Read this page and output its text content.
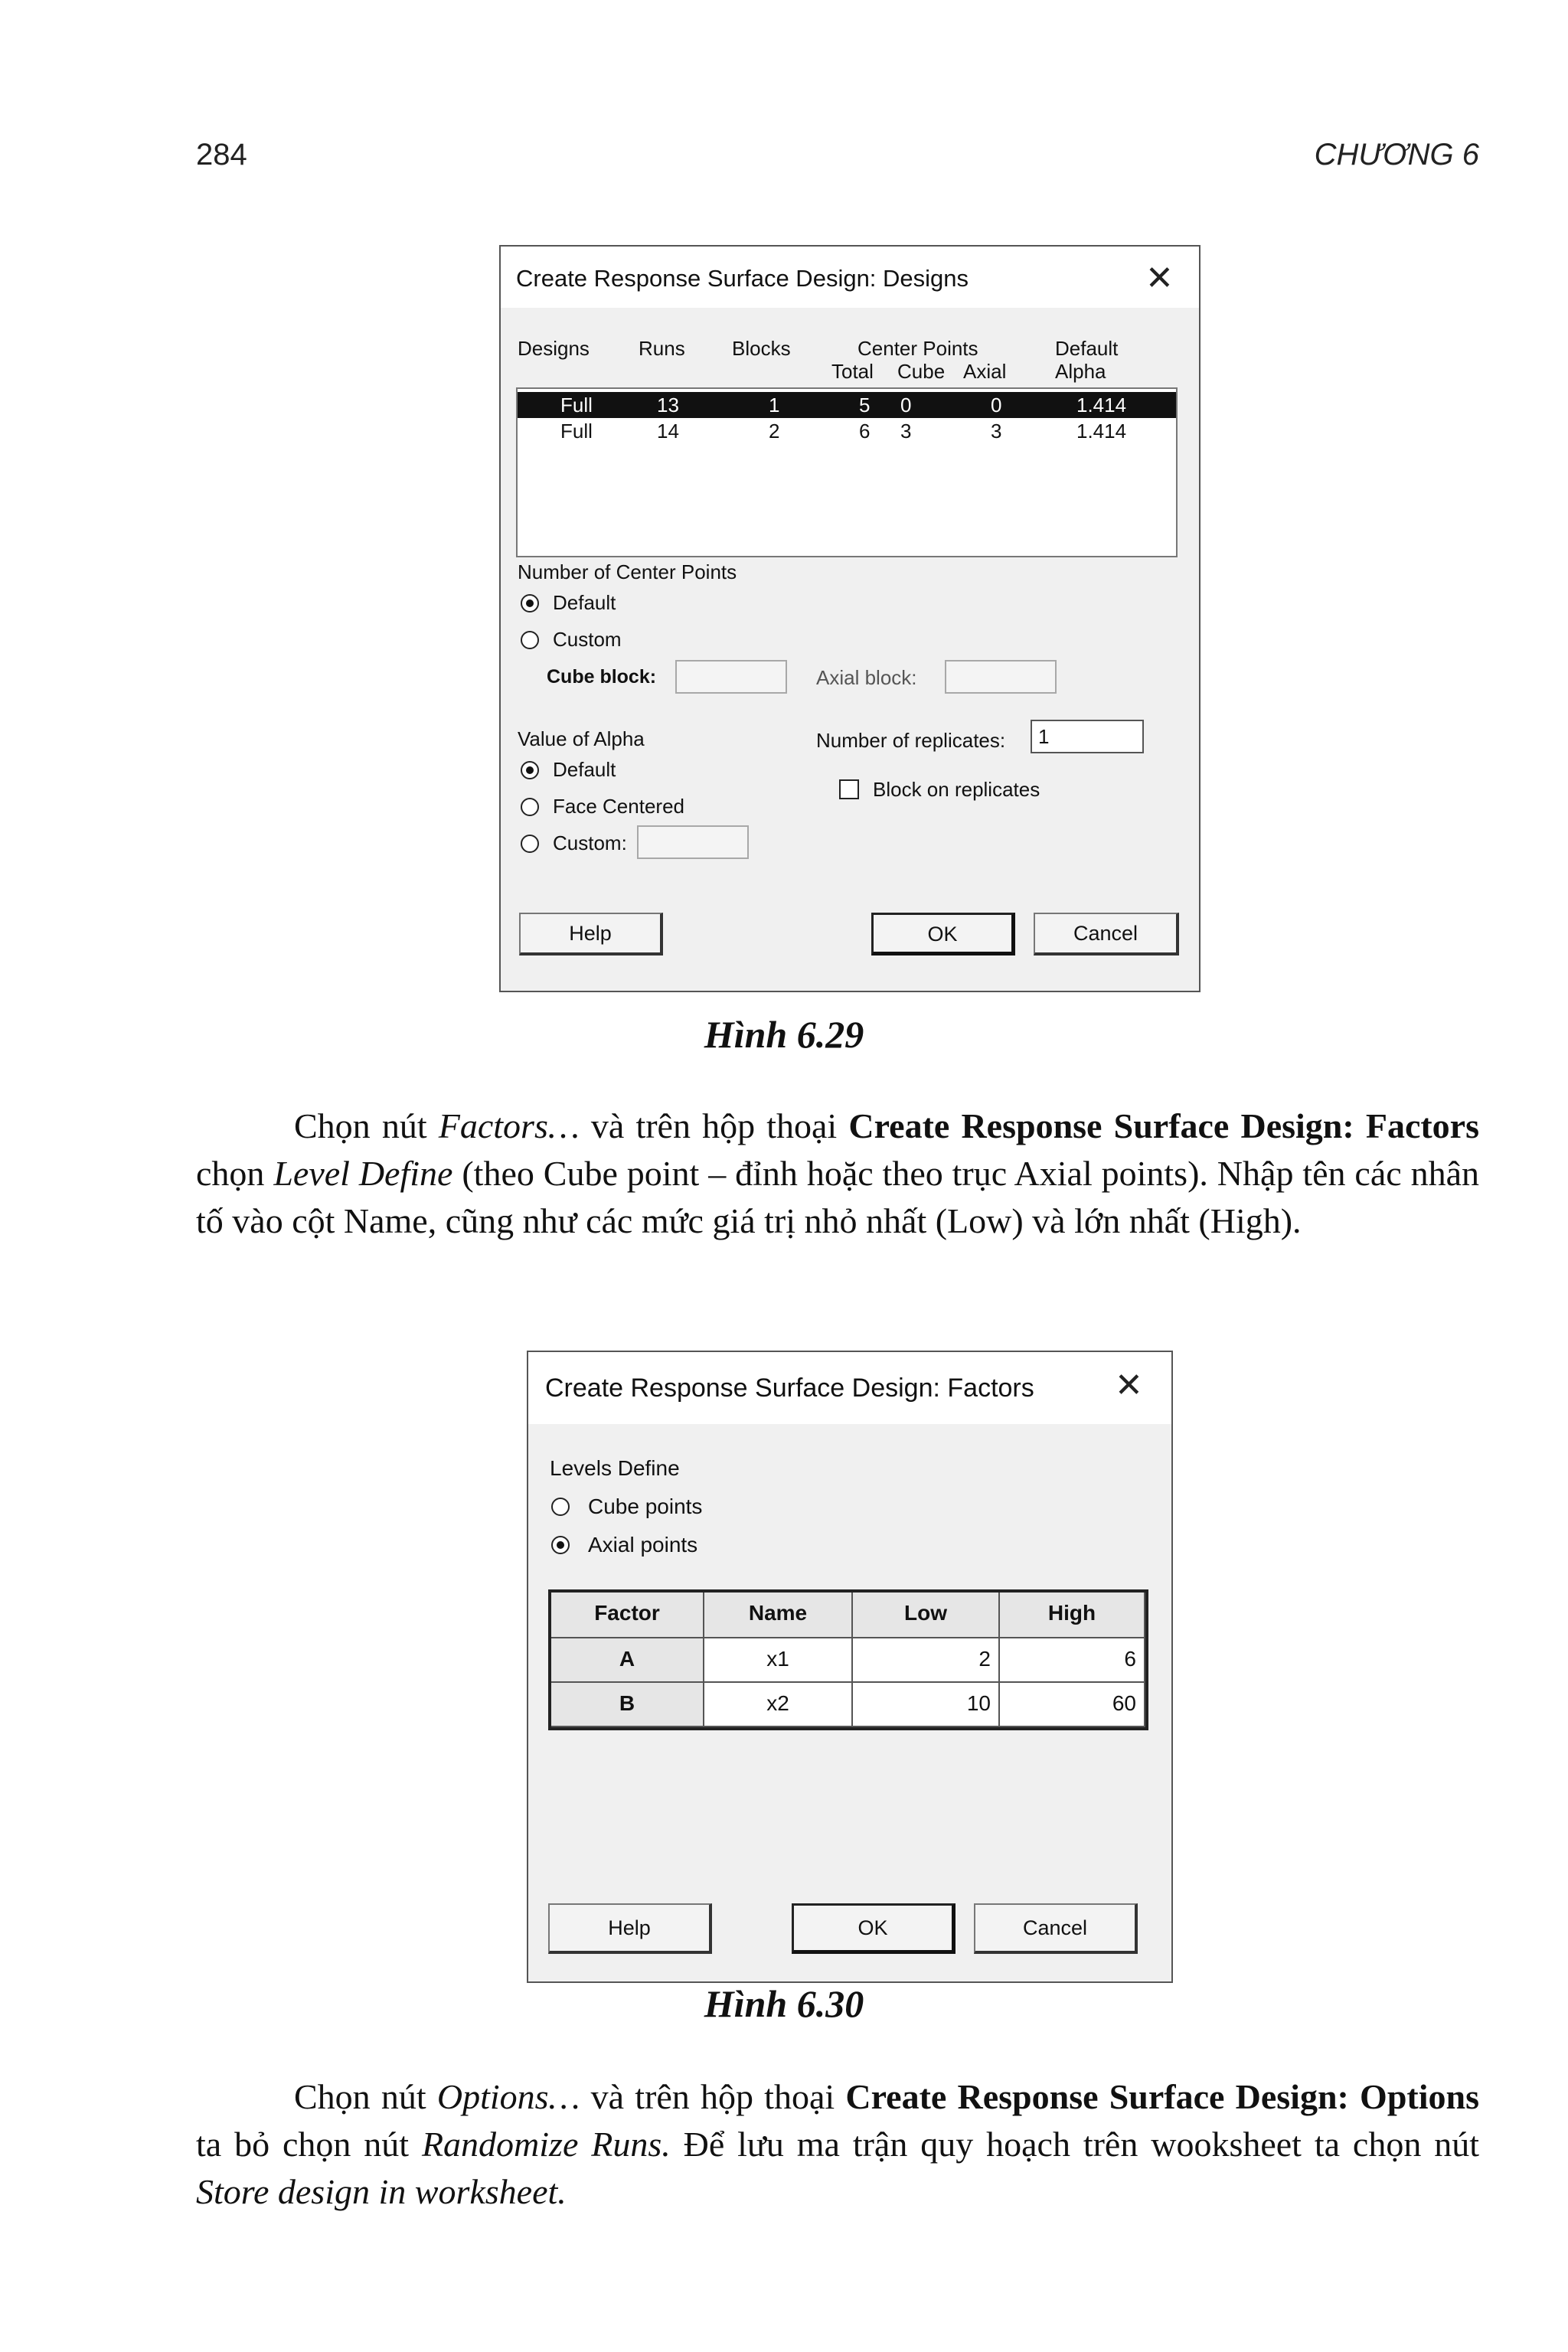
284	CHƯƠNG 6
Create Response Surface Design: Designs	✕
Designs Runs Blocks	Center Points
Total Cube Axial
Default
Alpha
Full	13	1	5 0	0	1.414
Full	14	2	6 3	3	1.414
Number of Center Points
Default
Custom
Cube block:	Axial block:
Value of Alpha
Default
Face Centered
Custom:
Number of replicates:	1
Block on replicates
Help	OK	Cancel
Hình 6.29

Chọn nút Factors… và trên hộp thoại Create Response Surface Design: Factors chọn Level Define (theo Cube point – đỉnh hoặc theo trục Axial points). Nhập tên các nhân tố vào cột Name, cũng như các mức giá trị nhỏ nhất (Low) và lớn nhất (High).

Create Response Surface Design: Factors ✕
Levels Define
Cube points
Axial points
Factor	Name	Low	High
A	x1	2	6
B	x2	10	60
Help	OK	Cancel
Hình 6.30

Chọn nút Options… và trên hộp thoại Create Response Surface Design: Options ta bỏ chọn nút Randomize Runs. Để lưu ma trận quy hoạch trên wooksheet ta chọn nút Store design in worksheet.
